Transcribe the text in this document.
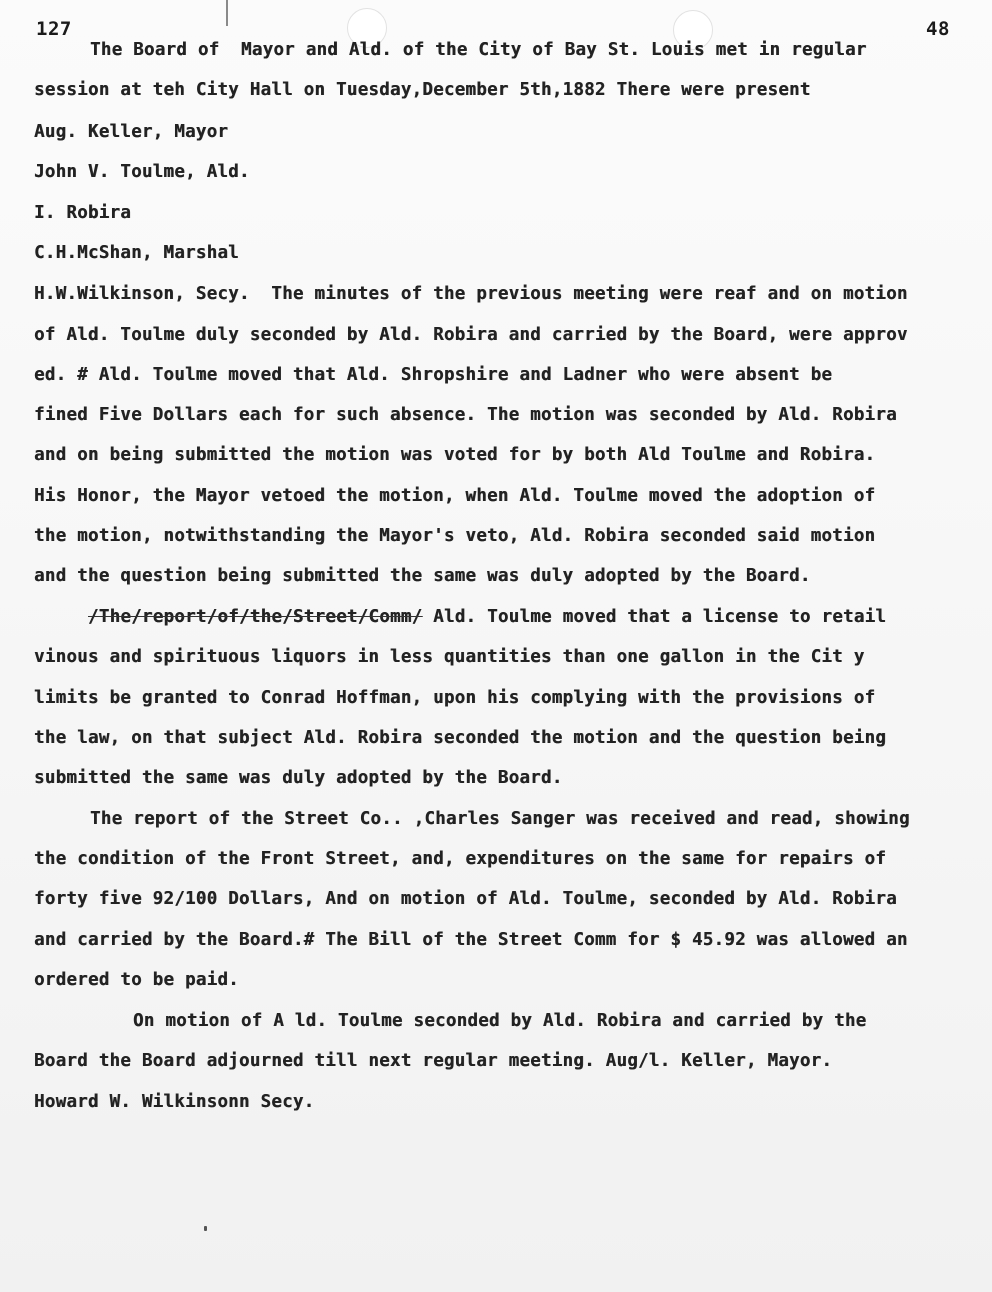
127	48
The Board of  Mayor and Ald. of the City of Bay St. Louis met in regular
session at teh City Hall on Tuesday,December 5th,1882 There were present
Aug. Keller, Mayor
John V. Toulme, Ald.
I. Robira
C.H.McShan, Marshal
H.W.Wilkinson, Secy.  The minutes of the previous meeting were reaf and on motion
of Ald. Toulme duly seconded by Ald. Robira and carried by the Board, were approv
ed. # Ald. Toulme moved that Ald. Shropshire and Ladner who were absent be
fined Five Dollars each for such absence. The motion was seconded by Ald. Robira
and on being submitted the motion was voted for by both Ald Toulme and Robira.
His Honor, the Mayor vetoed the motion, when Ald. Toulme moved the adoption of
the motion, notwithstanding the Mayor's veto, Ald. Robira seconded said motion
and the question being submitted the same was duly adopted by the Board.
/The/report/of/the/Street/Comm/ Ald. Toulme moved that a license to retail
vinous and spirituous liquors in less quantities than one gallon in the Cit y
limits be granted to Conrad Hoffman, upon his complying with the provisions of
the law, on that subject Ald. Robira seconded the motion and the question being
submitted the same was duly adopted by the Board.
The report of the Street Co.. ,Charles Sanger was received and read, showing
the condition of the Front Street, and, expenditures on the same for repairs of
forty five 92/100 Dollars, And on motion of Ald. Toulme, seconded by Ald. Robira
and carried by the Board.# The Bill of the Street Comm for $ 45.92 was allowed an
ordered to be paid.
On motion of A ld. Toulme seconded by Ald. Robira and carried by the
Board the Board adjourned till next regular meeting. Aug/l. Keller, Mayor.
Howard W. Wilkinsonn Secy.
